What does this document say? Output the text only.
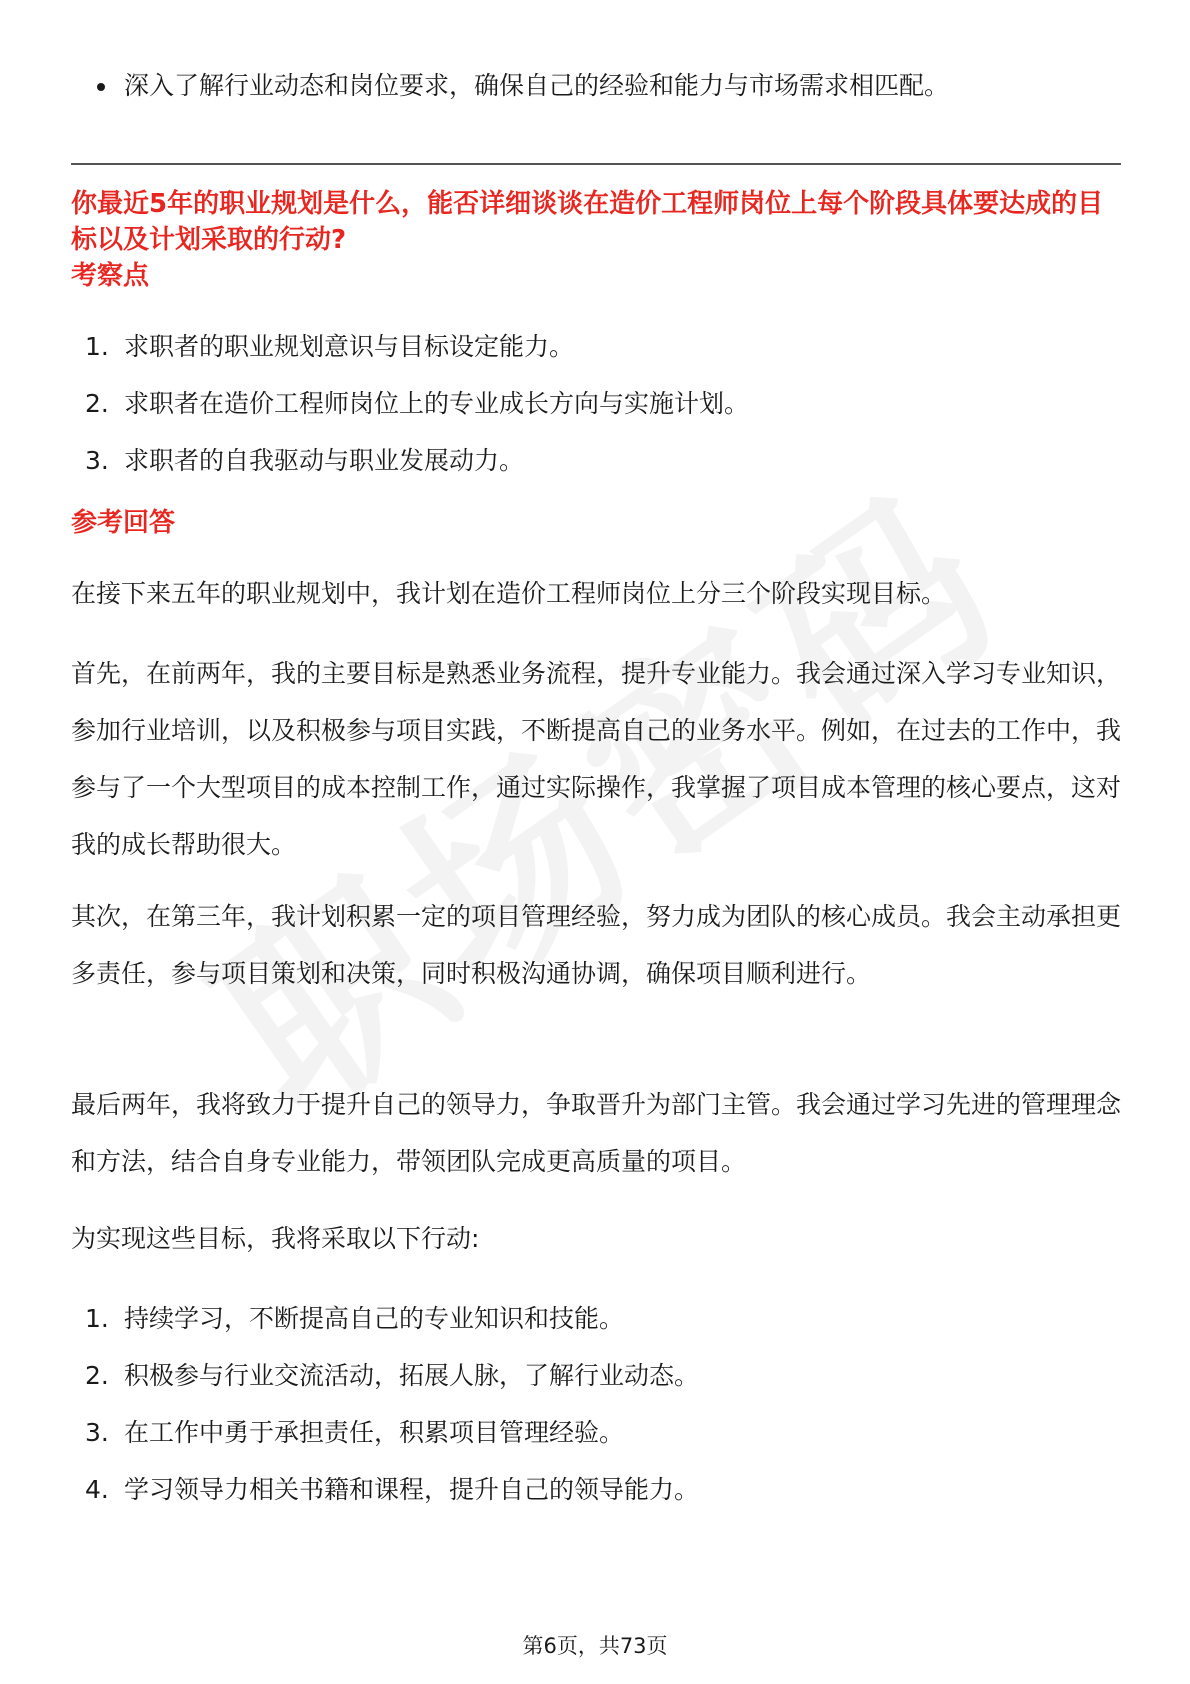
深入了解行业动态和岗位要求，确保自己的经验和能力与市场需求相匹配。
你最近5年的职业规划是什么，能否详细谈谈在造价工程师岗位上每个阶段具体要达成的目标以及计划采取的行动?
考察点
1. 求职者的职业规划意识与目标设定能力。
2. 求职者在造价工程师岗位上的专业成长方向与实施计划。
3. 求职者的自我驱动与职业发展动力。
参考回答

在接下来五年的职业规划中，我计划在造价工程师岗位上分三个阶段实现目标。

首先，在前两年，我的主要目标是熟悉业务流程，提升专业能力。我会通过深入学习专业知识，参加行业培训，以及积极参与项目实践，不断提高自己的业务水平。例如，在过去的工作中，我参与了一个大型项目的成本控制工作，通过实际操作，我掌握了项目成本管理的核心要点，这对我的成长帮助很大。

其次，在第三年，我计划积累一定的项目管理经验，努力成为团队的核心成员。我会主动承担更多责任，参与项目策划和决策，同时积极沟通协调，确保项目顺利进行。

最后两年，我将致力于提升自己的领导力，争取晋升为部门主管。我会通过学习先进的管理理念和方法，结合自身专业能力，带领团队完成更高质量的项目。

为实现这些目标，我将采取以下行动:

1. 持续学习，不断提高自己的专业知识和技能。
2. 积极参与行业交流活动，拓展人脉，了解行业动态。
3. 在工作中勇于承担责任，积累项目管理经验。
4. 学习领导力相关书籍和课程，提升自己的领导能力。
第6页，共73页
